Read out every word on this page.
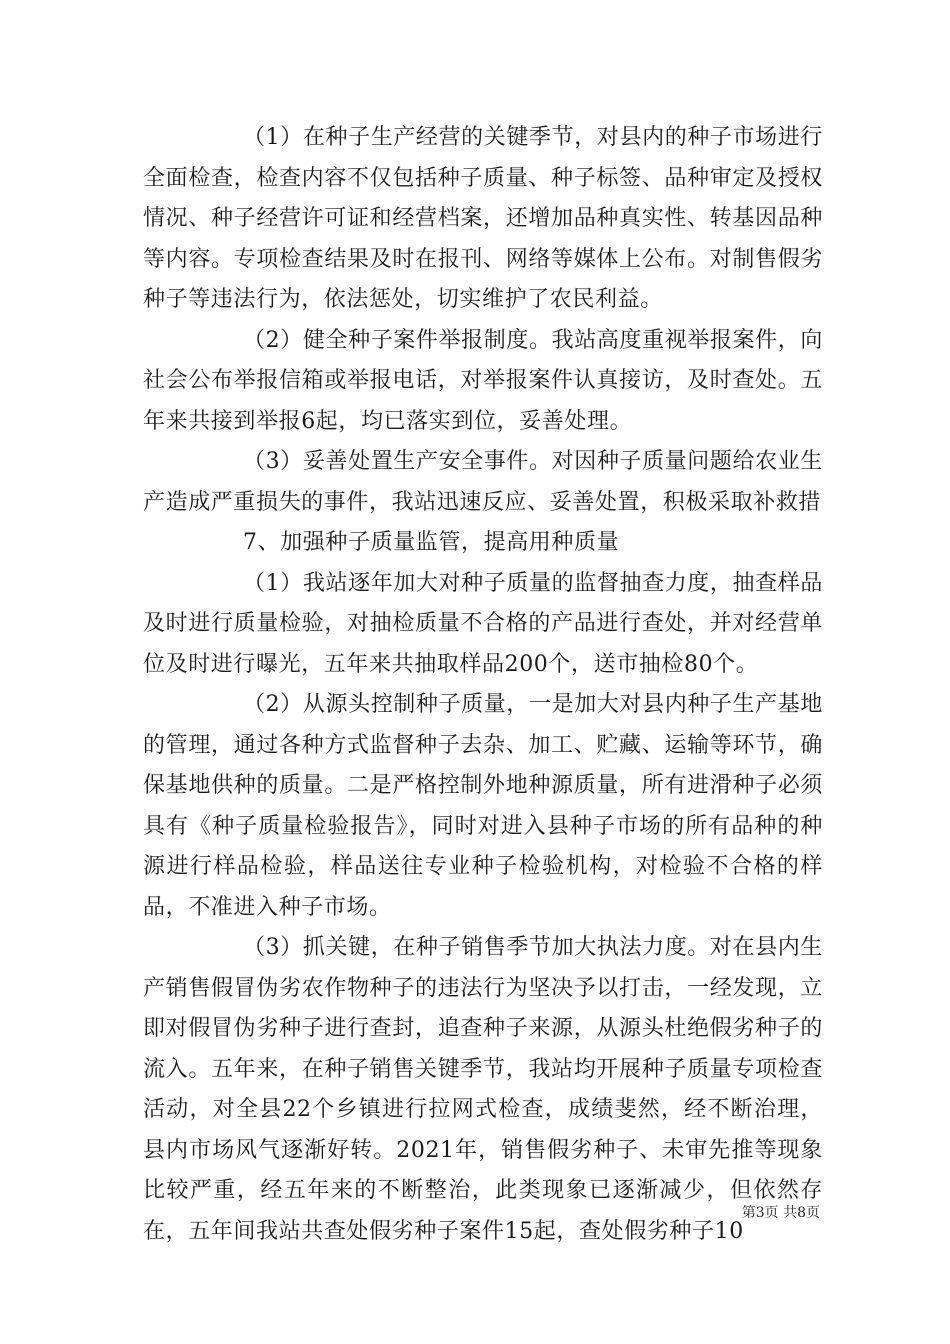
（1）在种子生产经营的关键季节，对县内的种子市场进行全面检查，检查内容不仅包括种子质量、种子标签、品种审定及授权情况、种子经营许可证和经营档案，还增加品种真实性、转基因品种等内容。专项检查结果及时在报刊、网络等媒体上公布。对制售假劣种子等违法行为，依法惩处，切实维护了农民利益。

（2）健全种子案件举报制度。我站高度重视举报案件，向社会公布举报信箱或举报电话，对举报案件认真接访，及时查处。五年来共接到举报6起，均已落实到位，妥善处理。

（3）妥善处置生产安全事件。对因种子质量问题给农业生产造成严重损失的事件，我站迅速反应、妥善处置，积极采取补救措

7、加强种子质量监管，提高用种质量

（1）我站逐年加大对种子质量的监督抽查力度，抽查样品及时进行质量检验，对抽检质量不合格的产品进行查处，并对经营单位及时进行曝光，五年来共抽取样品200个，送市抽检80个。

（2）从源头控制种子质量，一是加大对县内种子生产基地的管理，通过各种方式监督种子去杂、加工、贮藏、运输等环节，确保基地供种的质量。二是严格控制外地种源质量，所有进滑种子必须具有《种子质量检验报告》，同时对进入县种子市场的所有品种的种源进行样品检验，样品送往专业种子检验机构，对检验不合格的样品，不准进入种子市场。

（3）抓关键，在种子销售季节加大执法力度。对在县内生产销售假冒伪劣农作物种子的违法行为坚决予以打击，一经发现，立即对假冒伪劣种子进行查封，追查种子来源，从源头杜绝假劣种子的流入。五年来，在种子销售关键季节，我站均开展种子质量专项检查活动，对全县22个乡镇进行拉网式检查，成绩斐然，经不断治理，县内市场风气逐渐好转。2021年，销售假劣种子、未审先推等现象比较严重，经五年来的不断整治，此类现象已逐渐减少，但依然存在，五年间我站共查处假劣种子案件15起，查处假劣种子10

第3页 共8页
